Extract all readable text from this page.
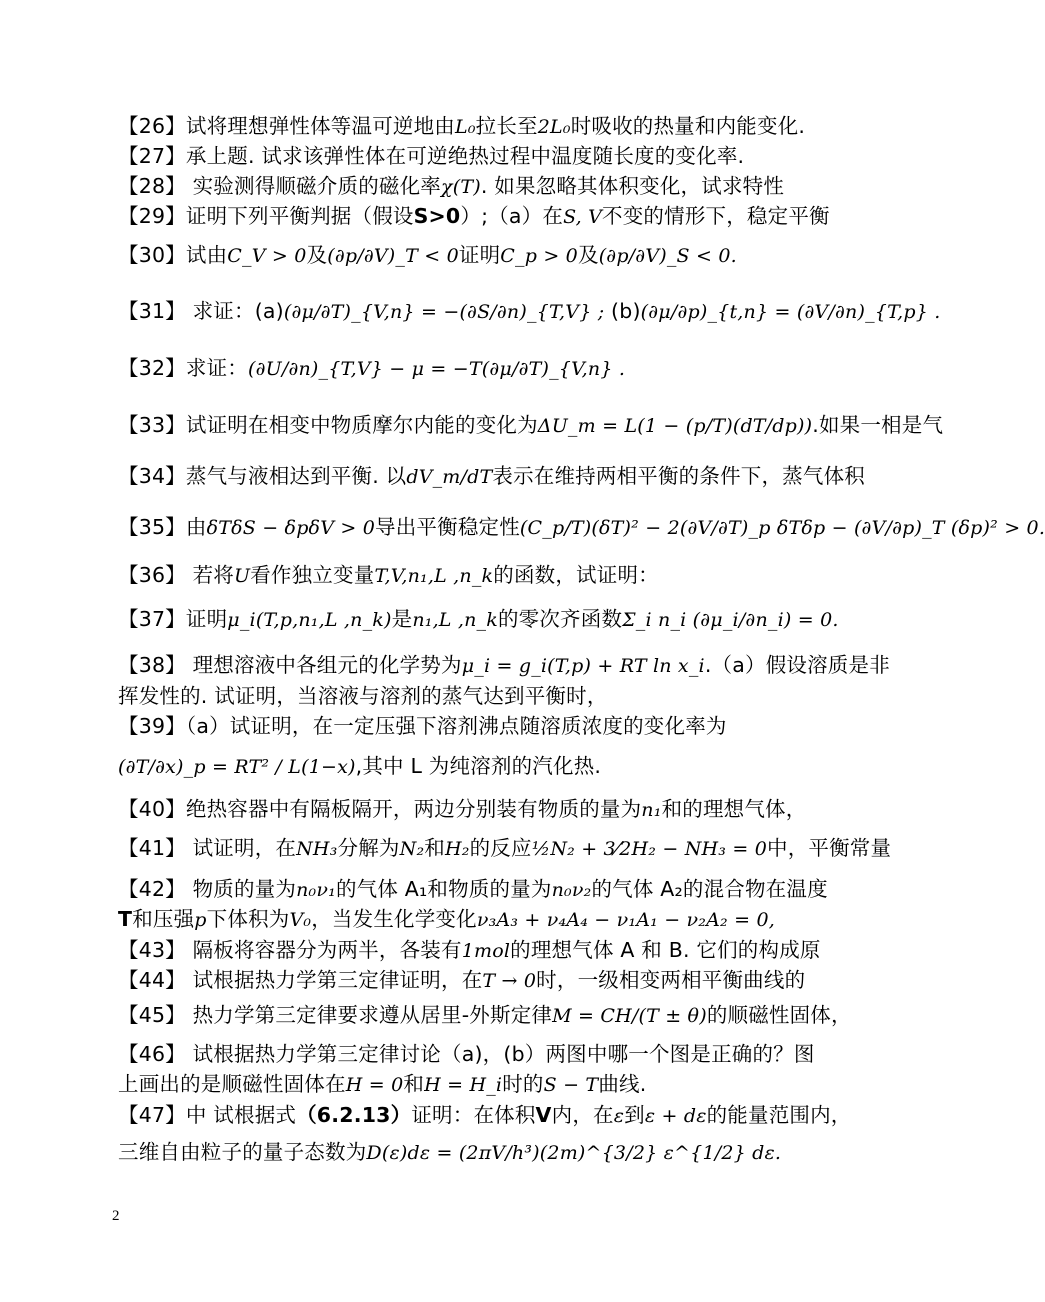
【26】试将理想弹性体等温可逆地由L₀拉长至2L₀时吸收的热量和内能变化.
【27】承上题. 试求该弹性体在可逆绝热过程中温度随长度的变化率.
【28】 实验测得顺磁介质的磁化率χ(T). 如果忽略其体积变化，试求特性
【29】证明下列平衡判据（假设S>0）;（a）在S, V不变的情形下，稳定平衡
【30】试由C_V > 0及(∂p/∂V)_T < 0证明C_p > 0及(∂p/∂V)_S < 0.
【31】 求证：(a)(∂μ/∂T)_{V,n} = −(∂S/∂n)_{T,V} ; (b)(∂μ/∂p)_{t,n} = (∂V/∂n)_{T,p} .
【32】求证：(∂U/∂n)_{T,V} − μ = −T(∂μ/∂T)_{V,n} .
【33】试证明在相变中物质摩尔内能的变化为ΔU_m = L(1 − (p/T)(dT/dp)).如果一相是气
【34】蒸气与液相达到平衡. 以dV_m/dT表示在维持两相平衡的条件下，蒸气体积
【35】由δTδS − δpδV > 0导出平衡稳定性(C_p/T)(δT)² − 2(∂V/∂T)_p δTδp − (∂V/∂p)_T (δp)² > 0.
【36】 若将U看作独立变量T,V,n₁,L ,n_k的函数，试证明：
【37】证明μ_i(T,p,n₁,L ,n_k)是n₁,L ,n_k的零次齐函数Σ_i n_i (∂μ_i/∂n_i) = 0.
【38】 理想溶液中各组元的化学势为μ_i = g_i(T,p) + RT ln x_i.（a）假设溶质是非
挥发性的. 试证明，当溶液与溶剂的蒸气达到平衡时，
【39】（a）试证明，在一定压强下溶剂沸点随溶质浓度的变化率为
(∂T/∂x)_p = RT² / L(1−x),其中 L 为纯溶剂的汽化热.
【40】绝热容器中有隔板隔开，两边分别装有物质的量为n₁和的理想气体，
【41】 试证明，在NH₃分解为N₂和H₂的反应½N₂ + 3⁄2H₂ − NH₃ = 0中，平衡常量
【42】 物质的量为n₀ν₁的气体 A₁和物质的量为n₀ν₂的气体 A₂的混合物在温度
T和压强p下体积为V₀，当发生化学变化ν₃A₃ + ν₄A₄ − ν₁A₁ − ν₂A₂ = 0,
【43】 隔板将容器分为两半，各装有1mol的理想气体 A 和 B. 它们的构成原
【44】 试根据热力学第三定律证明，在T → 0时，一级相变两相平衡曲线的
【45】 热力学第三定律要求遵从居里-外斯定律M = CH/(T ± θ)的顺磁性固体，
【46】 试根据热力学第三定律讨论（a)，(b）两图中哪一个图是正确的？图
上画出的是顺磁性固体在H = 0和H = H_i时的S − T曲线.
【47】中 试根据式（6.2.13）证明：在体积V内，在ε到ε + dε的能量范围内，
三维自由粒子的量子态数为D(ε)dε = (2πV/h³)(2m)^{3/2} ε^{1/2} dε.
2
